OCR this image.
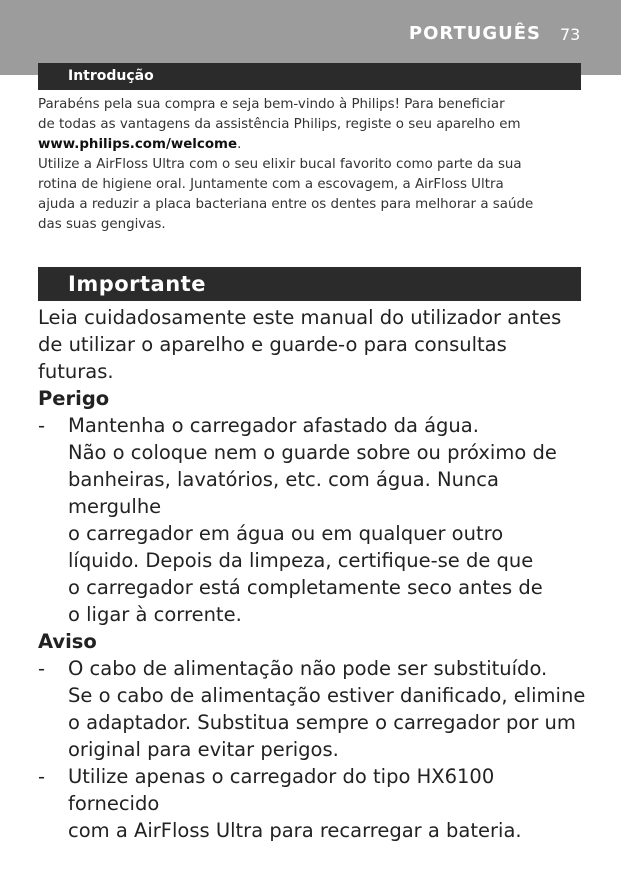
PORTUGUÊS 73
Introdução

Parabéns pela sua compra e seja bem-vindo à Philips! Para beneficiar

de todas as vantagens da assistência Philips, registe o seu aparelho em

www.philips.com/welcome.

Utilize a AirFloss Ultra com o seu elixir bucal favorito como parte da sua

rotina de higiene oral. Juntamente com a escovagem, a AirFloss Ultra

ajuda a reduzir a placa bacteriana entre os dentes para melhorar a saúde

das suas gengivas.

Importante

Leia cuidadosamente este manual do utilizador antes

de utilizar o aparelho e guarde-o para consultas futuras.

Perigo

- Mantenha o carregador afastado da água.

Não o coloque nem o guarde sobre ou próximo de

banheiras, lavatórios, etc. com água. Nunca mergulhe

o carregador em água ou em qualquer outro

líquido. Depois da limpeza, certifique-se de que

o carregador está completamente seco antes de

o ligar à corrente.

Aviso

- O cabo de alimentação não pode ser substituído.

Se o cabo de alimentação estiver danificado, elimine

o adaptador. Substitua sempre o carregador por um

original para evitar perigos.

- Utilize apenas o carregador do tipo HX6100 fornecido

com a AirFloss Ultra para recarregar a bateria.
